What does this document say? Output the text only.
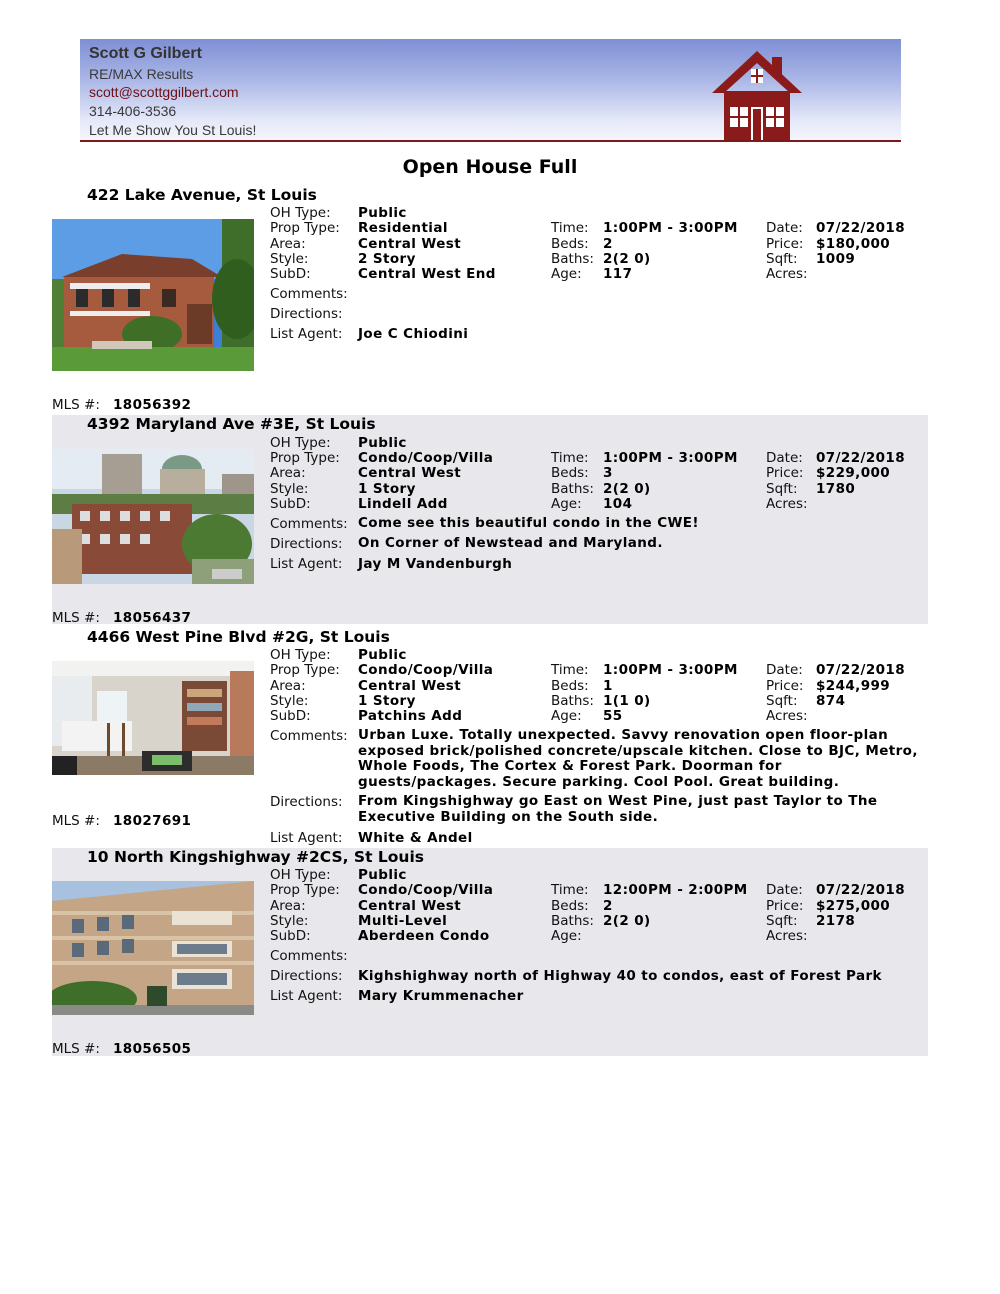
Scott G Gilbert
RE/MAX Results
scott@scottggilbert.com
314-406-3536
Let Me Show You St Louis!
Open House Full
422 Lake Avenue, St Louis
OH Type: Public
Prop Type: Residential
Area:	Central West
Style:	2 Story
SubD:	Central West End
Time: 1:00PM - 3:00PM
Beds: 2
Baths: 2(2 0)
Age: 117
Date: 07/22/2018
Price: $180,000
Sqft: 1009
Acres:
Comments:
Directions:
List Agent: Joe C Chiodini
MLS #: 18056392
4392 Maryland Ave #3E, St Louis
OH Type: Public
Prop Type: Condo/Coop/Villa
Area:	Central West
Style:	1 Story
SubD:	Lindell Add
Time: 1:00PM - 3:00PM
Beds: 3
Baths: 2(2 0)
Age: 104
Date: 07/22/2018
Price: $229,000
Sqft: 1780
Acres:
Comments: Come see this beautiful condo in the CWE!
Directions: On Corner of Newstead and Maryland.
List Agent: Jay M Vandenburgh
MLS #: 18056437
4466 West Pine Blvd #2G, St Louis
OH Type: Public
Prop Type: Condo/Coop/Villa
Area:	Central West
Style:	1 Story
SubD:	Patchins Add
Time: 1:00PM - 3:00PM
Beds: 1
Baths: 1(1 0)
Age: 55
Date: 07/22/2018
Price: $244,999
Sqft: 874
Acres:
Comments: Urban Luxe. Totally unexpected. Savvy renovation open floor-plan exposed brick/polished concrete/upscale kitchen. Close to BJC, Metro, Whole Foods, The Cortex & Forest Park. Doorman for guests/packages. Secure parking. Cool Pool. Great building.
Directions: From Kingshighway go East on West Pine, just past Taylor to The Executive Building on the South side.
List Agent: White & Andel
MLS #: 18027691
10 North Kingshighway #2CS, St Louis
OH Type: Public
Prop Type: Condo/Coop/Villa
Area:	Central West
Style:	Multi-Level
SubD:	Aberdeen Condo
Time: 12:00PM - 2:00PM
Beds: 2
Baths: 2(2 0)
Age:
Date: 07/22/2018
Price: $275,000
Sqft: 2178
Acres:
Comments:
Directions: Kighshighway north of Highway 40 to condos, east of Forest Park
List Agent: Mary Krummenacher
MLS #: 18056505
